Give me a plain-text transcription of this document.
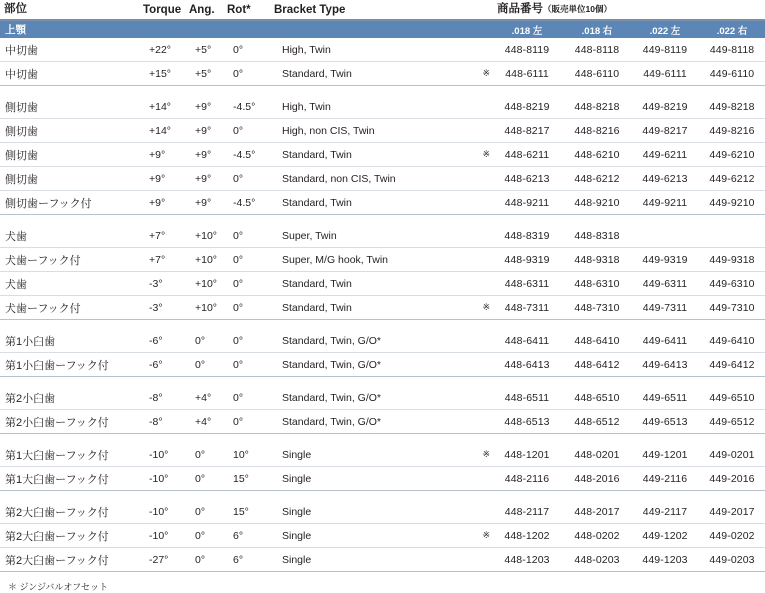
部位	Torque	Ang.	Rot*	Bracket Type		商品番号（販売単位10個）			
上顎						.018 左	.018 右	.022 左	.022 右
中切歯	+22°	+5°	0°	High, Twin		448-8119	448-8118	449-8119	449-8118
中切歯	+15°	+5°	0°	Standard, Twin	※	448-6111	448-6110	449-6111	449-6110

側切歯	+14°	+9°	-4.5°	High, Twin		448-8219	448-8218	449-8219	449-8218
側切歯	+14°	+9°	0°	High, non CIS, Twin		448-8217	448-8216	449-8217	449-8216
側切歯	+9°	+9°	-4.5°	Standard, Twin	※	448-6211	448-6210	449-6211	449-6210
側切歯	+9°	+9°	0°	Standard, non CIS, Twin		448-6213	448-6212	449-6213	449-6212
側切歯ーフック付	+9°	+9°	-4.5°	Standard, Twin		448-9211	448-9210	449-9211	449-9210

犬歯	+7°	+10°	0°	Super, Twin		448-8319	448-8318		
犬歯ーフック付	+7°	+10°	0°	Super, M/G hook, Twin		448-9319	448-9318	449-9319	449-9318
犬歯	-3°	+10°	0°	Standard, Twin		448-6311	448-6310	449-6311	449-6310
犬歯ーフック付	-3°	+10°	0°	Standard, Twin	※	448-7311	448-7310	449-7311	449-7310

第1小臼歯	-6°	0°	0°	Standard, Twin, G/O*		448-6411	448-6410	449-6411	449-6410
第1小臼歯ーフック付	-6°	0°	0°	Standard, Twin, G/O*		448-6413	448-6412	449-6413	449-6412

第2小臼歯	-8°	+4°	0°	Standard, Twin, G/O*		448-6511	448-6510	449-6511	449-6510
第2小臼歯ーフック付	-8°	+4°	0°	Standard, Twin, G/O*		448-6513	448-6512	449-6513	449-6512

第1大臼歯ーフック付	-10°	0°	10°	Single	※	448-1201	448-0201	449-1201	449-0201
第1大臼歯ーフック付	-10°	0°	15°	Single		448-2116	448-2016	449-2116	449-2016

第2大臼歯ーフック付	-10°	0°	15°	Single		448-2117	448-2017	449-2117	449-2017
第2大臼歯ーフック付	-10°	0°	6°	Single	※	448-1202	448-0202	449-1202	449-0202
第2大臼歯ーフック付	-27°	0°	6°	Single		448-1203	448-0203	449-1203	449-0203
＊ ジンジバルオフセット
